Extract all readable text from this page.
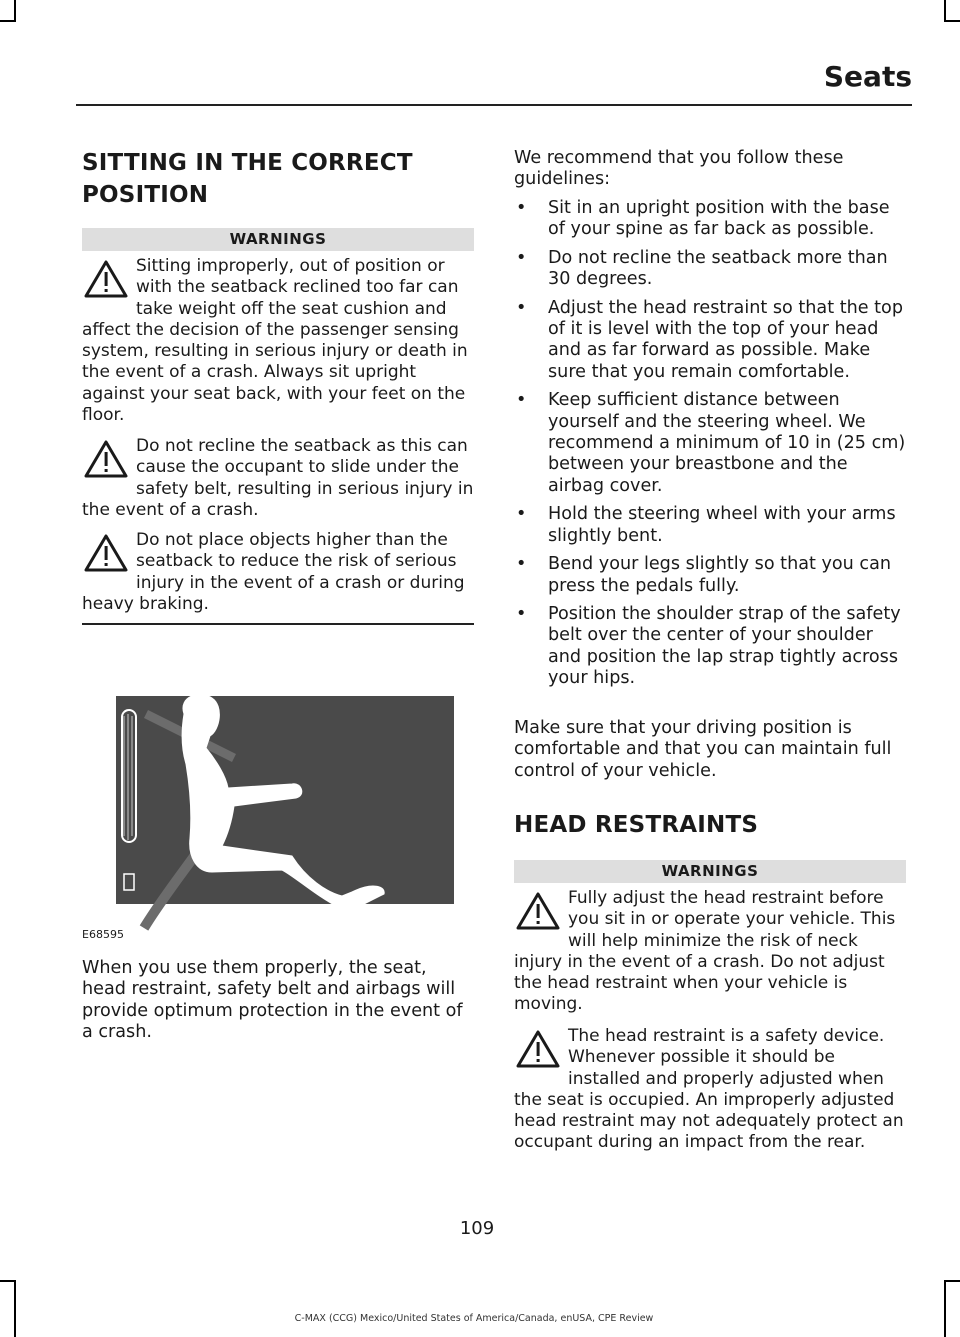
Seats

SITTING IN THE CORRECT

POSITION

WARNINGS
Sitting improperly, out of position or with the seatback reclined too far can take weight off the seat cushion and affect the decision of the passenger sensing system, resulting in serious injury or death in the event of a crash. Always sit upright against your seat back, with your feet on the floor.
Do not recline the seatback as this can cause the occupant to slide under the safety belt, resulting in serious injury in the event of a crash.
Do not place objects higher than the seatback to reduce the risk of serious injury in the event of a crash or during heavy braking.

When you use them properly, the seat, head restraint, safety belt and airbags will provide optimum protection in the event of a crash.

E68595

We recommend that you follow these guidelines:

• Sit in an upright position with the base of your spine as far back as possible.
• Do not recline the seatback more than 30 degrees.
• Adjust the head restraint so that the top of it is level with the top of your head and as far forward as possible. Make sure that you remain comfortable.
• Keep sufficient distance between yourself and the steering wheel. We recommend a minimum of 10 in (25 cm) between your breastbone and the airbag cover.
• Hold the steering wheel with your arms slightly bent.
• Bend your legs slightly so that you can press the pedals fully.
• Position the shoulder strap of the safety belt over the center of your shoulder and position the lap strap tightly across your hips.

Make sure that your driving position is comfortable and that you can maintain full control of your vehicle.

HEAD RESTRAINTS

WARNINGS
Fully adjust the head restraint before you sit in or operate your vehicle. This will help minimize the risk of neck injury in the event of a crash. Do not adjust the head restraint when your vehicle is moving.
The head restraint is a safety device. Whenever possible it should be installed and properly adjusted when the seat is occupied. An improperly adjusted head restraint may not adequately protect an occupant during an impact from the rear.
109
C-MAX (CCG) Mexico/United States of America/Canada, enUSA, CPE Review
